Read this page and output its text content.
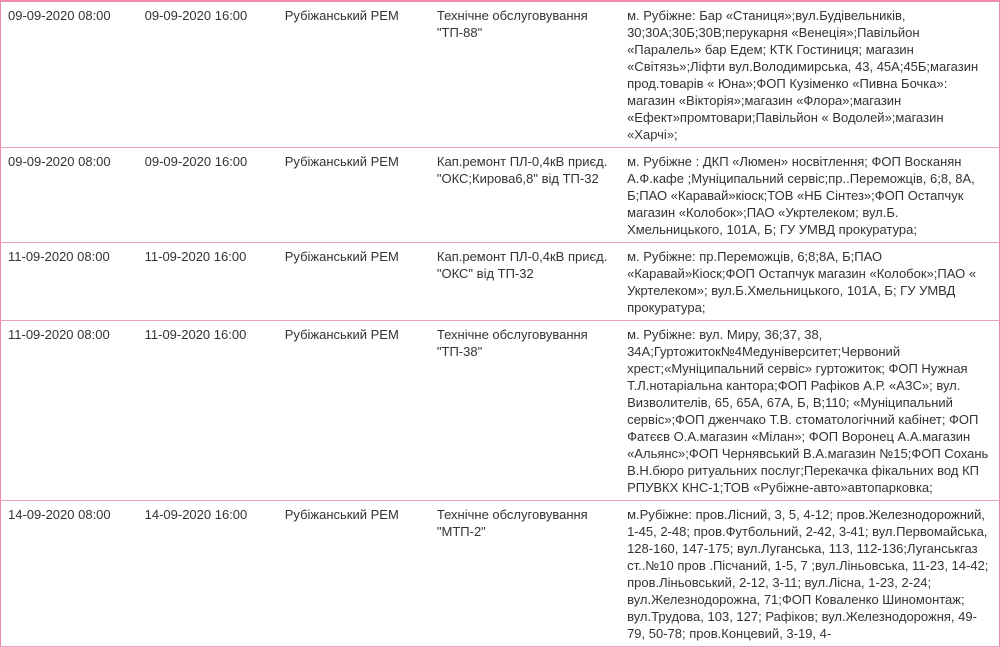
09-09-2020 08:00	09-09-2020 16:00	Рубіжанський РЕМ	Технічне обслуговування "ТП-88"	м. Рубіжне: Бар «Станиця»;вул.Будівельників, 30;30А;30Б;30В;перукарня «Венеція»;Павільйон «Паралель» бар Едем; КТК Гостиниця; магазин «Світязь»;Ліфти вул.Володимирська, 43, 45А;45Б;магазин прод.товарів « Юна»;ФОП Кузіменко «Пивна Бочка»: магазин «Вікторія»;магазин «Флора»;магазин «Ефект»промтовари;Павільйон « Водолей»;магазин «Харчі»;
09-09-2020 08:00	09-09-2020 16:00	Рубіжанський РЕМ	Кап.ремонт ПЛ-0,4кВ приєд. "ОКС;Кирова6,8" від ТП-32	м. Рубіжне : ДКП «Люмен» носвітлення; ФОП Восканян А.Ф.кафе ;Муніципальний сервіс;пр..Переможців, 6;8, 8А, Б;ПАО «Каравай»кіоск;ТОВ «НБ Сінтез»;ФОП Остапчук магазин «Колобок»;ПАО «Укртелеком; вул.Б. Хмельницького, 101А, Б; ГУ УМВД прокуратура;
11-09-2020 08:00	11-09-2020 16:00	Рубіжанський РЕМ	Кап.ремонт ПЛ-0,4кВ приєд. "ОКС" від ТП-32	м. Рубіжне: пр.Переможців, 6;8;8А, Б;ПАО «Каравай»Кіоск;ФОП Остапчук магазин «Колобок»;ПАО « Укртелеком»; вул.Б.Хмельницького, 101А, Б; ГУ УМВД прокуратура;
11-09-2020 08:00	11-09-2020 16:00	Рубіжанський РЕМ	Технічне обслуговування "ТП-38"	м. Рубіжне: вул. Миру, 36;37, 38, 34А;Гуртожиток№4Медуніверситет;Червоний хрест;«Муніципальний сервіс» гуртожиток; ФОП Нужная Т.Л.нотаріальна кантора;ФОП Рафіков А.Р. «АЗС»; вул. Визволителів, 65, 65А, 67А, Б, В;110; «Муніципальний сервіс»;ФОП дженчако Т.В. стоматологічний кабінет; ФОП Фатєєв О.А.магазин «Мілан»; ФОП Воронец А.А.магазин «Альянс»;ФОП Чернявський В.А.магазин №15;ФОП Сохань В.Н.бюро ритуальних послуг;Перекачка фікальних вод КП РПУВКХ КНС-1;ТОВ «Рубіжне-авто»автопарковка;
14-09-2020 08:00	14-09-2020 16:00	Рубіжанський РЕМ	Технічне обслуговування "МТП-2"	м.Рубіжне: пров.Лісний, 3, 5, 4-12; пров.Железнодорожний, 1-45, 2-48; пров.Футбольний, 2-42, 3-41; вул.Первомайська, 128-160, 147-175; вул.Луганська, 113, 112-136;Луганськгаз ст..№10 пров .Пісчаний, 1-5, 7 ;вул.Ліньовська, 11-23, 14-42; пров.Ліньовський, 2-12, 3-11; вул.Лісна, 1-23, 2-24; вул.Железнодорожна, 71;ФОП Коваленко Шиномонтаж; вул.Трудова, 103, 127; Рафіков; вул.Железнодорожня, 49-79, 50-78; пров.Концевий, 3-19, 4-
